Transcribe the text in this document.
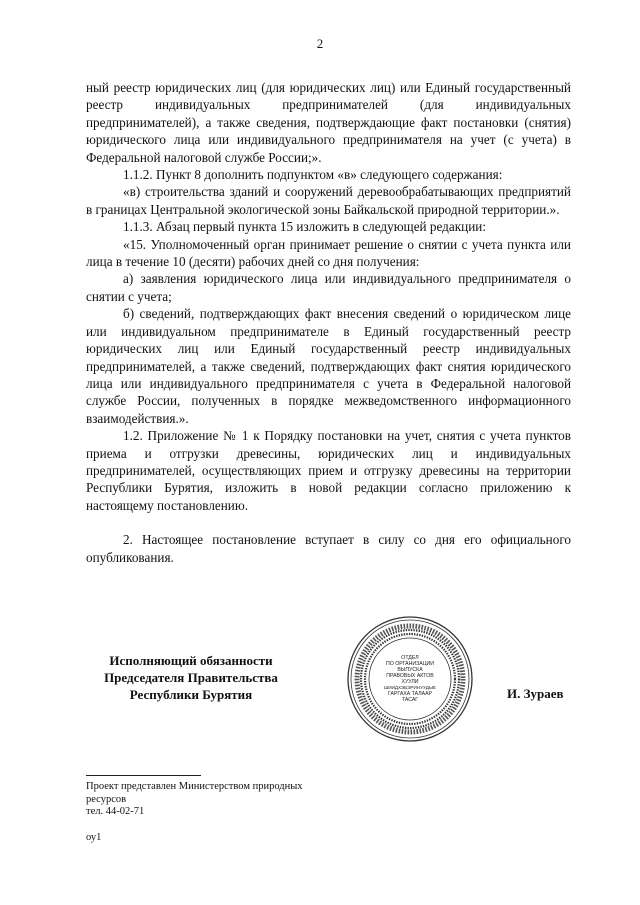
2

ный реестр юридических лиц (для юридических лиц) или Единый государственный реестр индивидуальных предпринимателей (для индивидуальных предпринимателей), а также сведения, подтверждающие факт постановки (снятия) юридического лица или индивидуального предпринимателя на учет (с учета) в Федеральной налоговой службе России;».

1.1.2. Пункт 8 дополнить подпунктом «в» следующего содержания:

«в) строительства зданий и сооружений деревообрабатывающих предприятий в границах Центральной экологической зоны Байкальской природной территории.».

1.1.3. Абзац первый пункта 15 изложить в следующей редакции:

«15. Уполномоченный орган принимает решение о снятии с учета пункта или лица в течение 10 (десяти) рабочих дней со дня получения:

а) заявления юридического лица или индивидуального предпринимателя о снятии с учета;

б) сведений, подтверждающих факт внесения сведений о юридическом лице или индивидуальном предпринимателе в Единый государственный реестр юридических лиц или Единый государственный реестр индивидуальных предпринимателей, а также сведений, подтверждающих факт снятия юридического лица или индивидуального предпринимателя с учета в Федеральной налоговой службе России, полученных в порядке межведомственного информационного взаимодействия.».

1.2. Приложение № 1 к Порядку постановки на учет, снятия с учета пунктов приема и отгрузки древесины, юридических лиц и индивидуальных предпринимателей, осуществляющих прием и отгрузку древесины на территории Республики Бурятия, изложить в новой редакции согласно приложению к настоящему постановлению.

2. Настоящее постановление вступает в силу со дня его официального опубликования.

Исполняющий обязанности
Председателя Правительства
Республики Бурятия
ОТДЕЛ
ПО ОРГАНИЗАЦИИ
ВЫПУСКА
ПРАВОВЫХ АКТОВ
ХУУЛИ
ШИИДХЭБЭРИНУУДЫЕ
ГАРГАХА ТАЛААР
ТАСАГ	И. Зураев
Проект представлен Министерством природных
ресурсов
тел. 44-02-71
оу1
